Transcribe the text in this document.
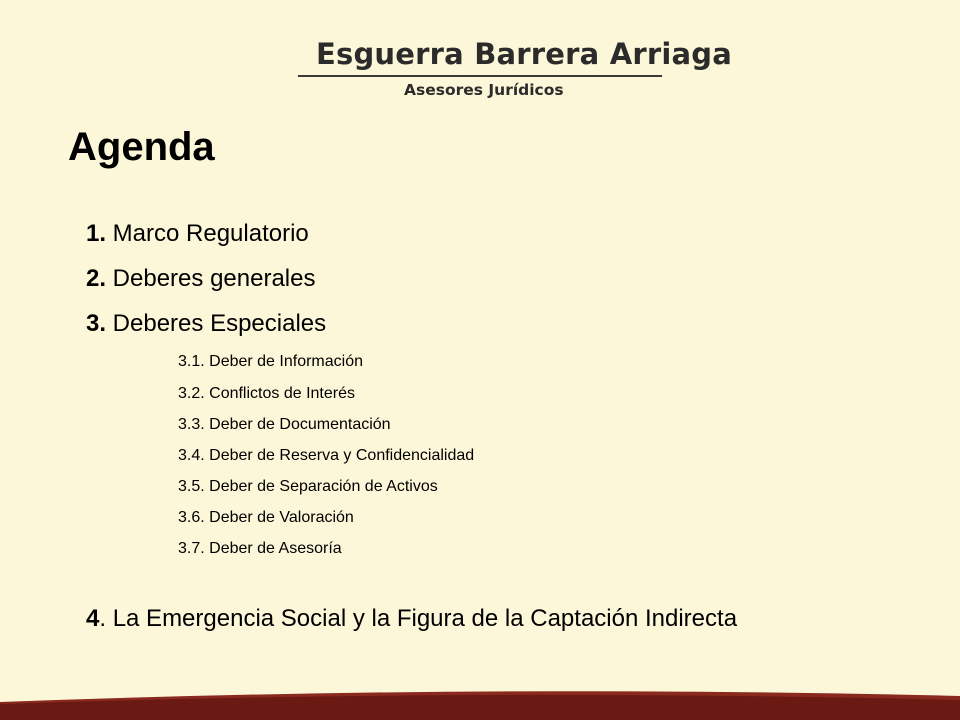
Esguerra Barrera Arriaga
Asesores Jurídicos
Agenda
1. Marco Regulatorio
2. Deberes generales
3. Deberes Especiales
3.1. Deber de Información
3.2. Conflictos de Interés
3.3. Deber de Documentación
3.4. Deber de Reserva y Confidencialidad
3.5. Deber de Separación de Activos
3.6. Deber de Valoración
3.7. Deber de Asesoría
4. La Emergencia Social y la Figura de la Captación Indirecta
